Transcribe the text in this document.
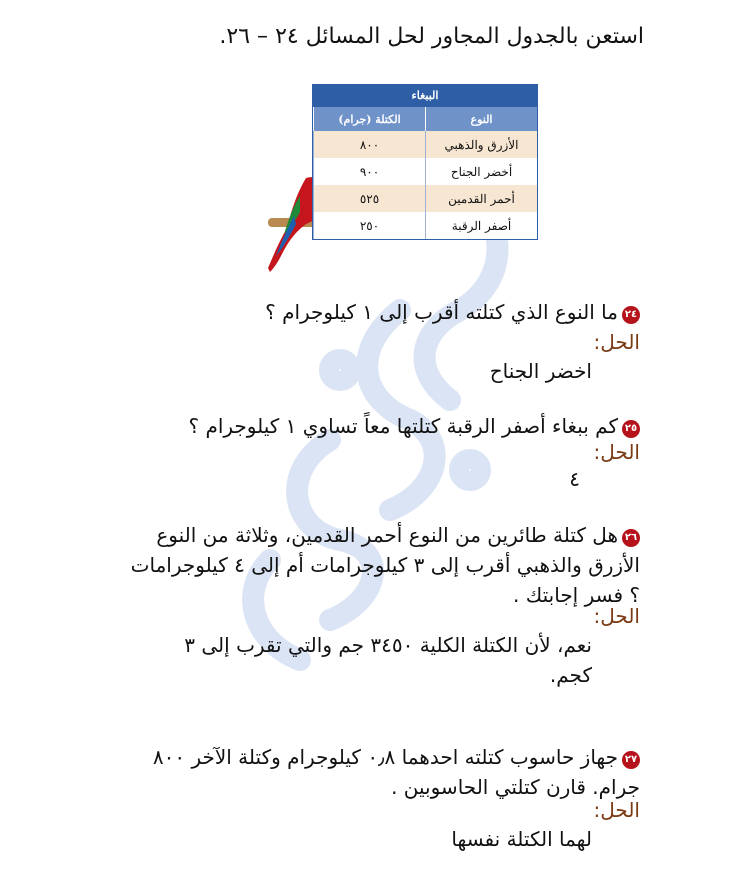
استعن بالجدول المجاور لحل المسائل ٢٤ – ٢٦.
الببغاء
الكتلة (جرام)	النوع
٨٠٠	الأزرق والذهبي
٩٠٠	أخضر الجناح
٥٢٥	أحمر القدمين
٢٥٠	أصفر الرقبة
٢٤ما النوع الذي كتلته أقرب إلى ١ كيلوجرام ؟
الحل:
اخضر الجناح
٢٥كم ببغاء أصفر الرقبة كتلتها معاً تساوي ١ كيلوجرام ؟
الحل:
٤
٢٦هل كتلة طائرين من النوع أحمر القدمين، وثلاثة من النوع الأزرق والذهبي أقرب إلى ٣ كيلوجرامات أم إلى ٤ كيلوجرامات ؟ فسر إجابتك .
الحل:
نعم، لأن الكتلة الكلية ٣٤٥٠ جم والتي تقرب إلى ٣ كجم.
٢٧جهاز حاسوب كتلته احدهما ٠٫٨ كيلوجرام وكتلة الآخر ٨٠٠ جرام. قارن كتلتي الحاسوبين .
الحل:
لهما الكتلة نفسها
